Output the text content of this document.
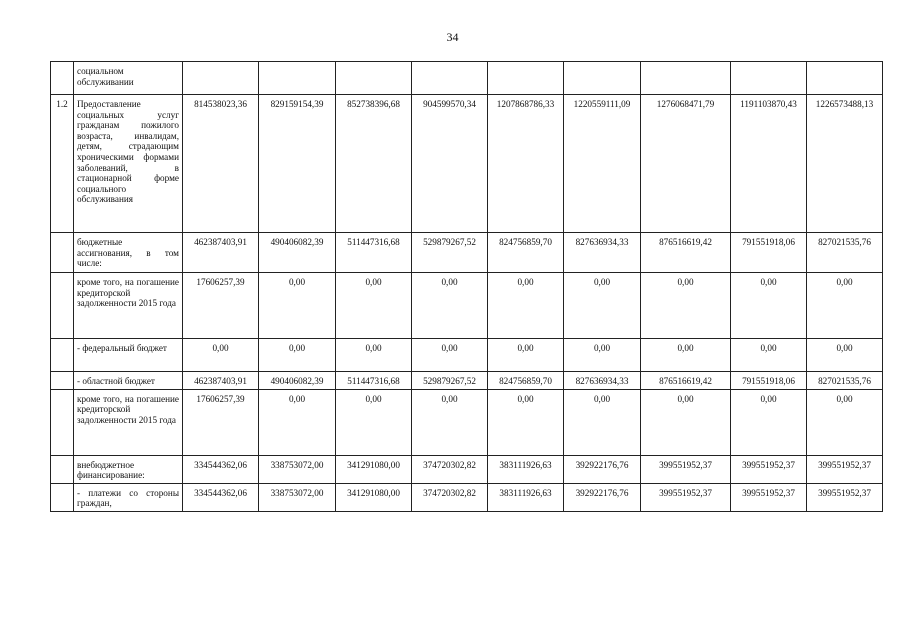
34
	социальном обслуживании									
1.2	Предоставление социальных услуг гражданам пожилого возраста, инвалидам, детям, страдающим хроническими формами заболеваний, в стационарной форме социального обслуживания	814538023,36	829159154,39	852738396,68	904599570,34	1207868786,33	1220559111,09	1276068471,79	1191103870,43	1226573488,13
	бюджетные ассигнования, в том числе:	462387403,91	490406082,39	511447316,68	529879267,52	824756859,70	827636934,33	876516619,42	791551918,06	827021535,76
	кроме того, на погашение кредиторской задолженности 2015 года	17606257,39	0,00	0,00	0,00	0,00	0,00	0,00	0,00	0,00
	- федеральный бюджет	0,00	0,00	0,00	0,00	0,00	0,00	0,00	0,00	0,00
	- областной бюджет	462387403,91	490406082,39	511447316,68	529879267,52	824756859,70	827636934,33	876516619,42	791551918,06	827021535,76
	кроме того, на погашение кредиторской задолженности 2015 года	17606257,39	0,00	0,00	0,00	0,00	0,00	0,00	0,00	0,00
	внебюджетное финансирование:	334544362,06	338753072,00	341291080,00	374720302,82	383111926,63	392922176,76	399551952,37	399551952,37	399551952,37
	- платежи со стороны граждан,	334544362,06	338753072,00	341291080,00	374720302,82	383111926,63	392922176,76	399551952,37	399551952,37	399551952,37
